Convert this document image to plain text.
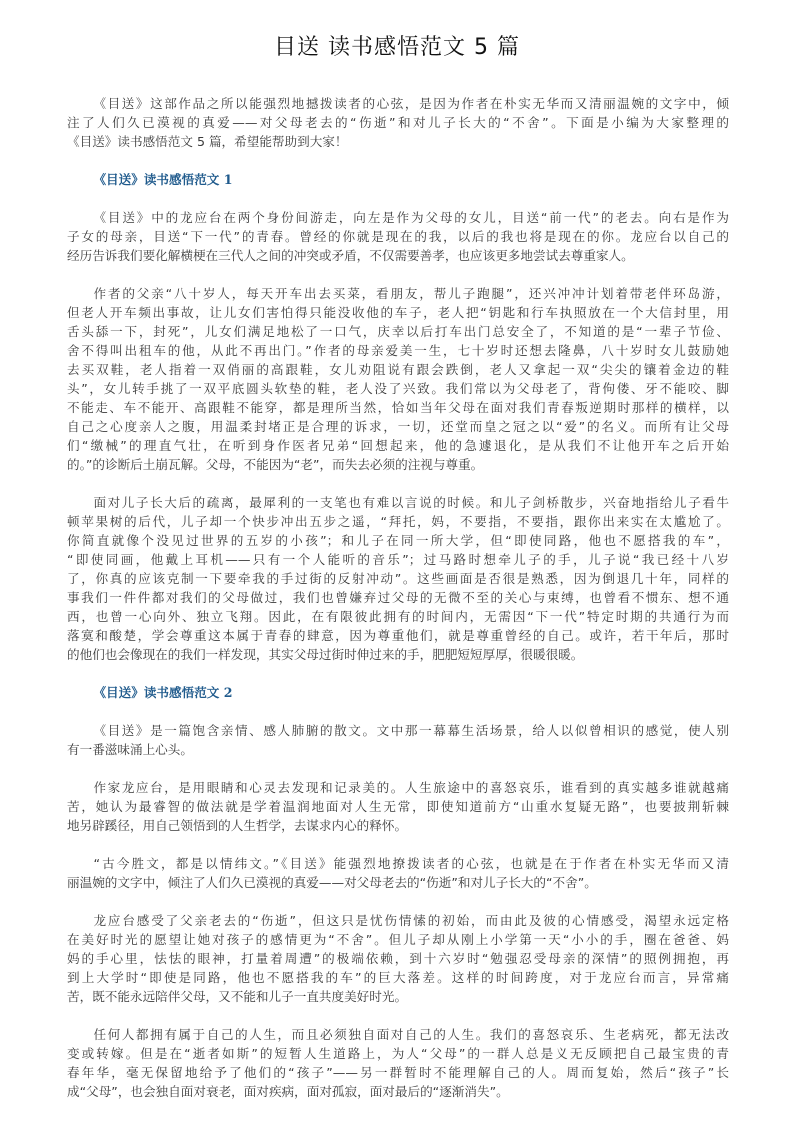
目送 读书感悟范文 5 篇
《目送》这部作品之所以能强烈地撼拨读者的心弦，是因为作者在朴实无华而又清丽温婉的文字中，倾
注了人们久已漠视的真爱——对父母老去的“伤逝”和对儿子长大的“不舍”。下面是小编为大家整理的
《目送》读书感悟范文 5 篇，希望能帮助到大家！
《目送》读书感悟范文 1
《目送》中的龙应台在两个身份间游走，向左是作为父母的女儿，目送“前一代”的老去。向右是作为
子女的母亲，目送“下一代”的青春。曾经的你就是现在的我，以后的我也将是现在的你。龙应台以自己的
经历告诉我们要化解横梗在三代人之间的冲突或矛盾，不仅需要善孝，也应该更多地尝试去尊重家人。
作者的父亲“八十岁人，每天开车出去买菜，看朋友，帮儿子跑腿”，还兴冲冲计划着带老伴环岛游，
但老人开车频出事故，让儿女们害怕得只能没收他的车子，老人把“钥匙和行车执照放在一个大信封里，用
舌头舔一下，封死”，儿女们满足地松了一口气，庆幸以后打车出门总安全了，不知道的是“一辈子节俭、
舍不得叫出租车的他，从此不再出门。”作者的母亲爱美一生，七十岁时还想去隆鼻，八十岁时女儿鼓励她
去买双鞋，老人指着一双俏丽的高跟鞋，女儿劝阻说有跟会跌倒，老人又拿起一双“尖尖的镶着金边的鞋
头”，女儿转手挑了一双平底圆头软垫的鞋，老人没了兴致。我们常以为父母老了，背佝偻、牙不能咬、脚
不能走、车不能开、高跟鞋不能穿，都是理所当然，恰如当年父母在面对我们青春叛逆期时那样的横样，以
自己之心度亲人之腹，用温柔封堵正是合理的诉求，一切，还堂而皇之冠之以“爱”的名义。而所有让父母
们“缴械”的理直气壮，在听到身作医者兄弟“回想起来，他的急遽退化，是从我们不让他开车之后开始
的。”的诊断后土崩瓦解。父母，不能因为“老”，而失去必须的注视与尊重。
面对儿子长大后的疏离，最犀利的一支笔也有难以言说的时候。和儿子剑桥散步，兴奋地指给儿子看牛
顿苹果树的后代，儿子却一个快步冲出五步之遥，“拜托，妈，不要指，不要指，跟你出来实在太尴尬了。
你简直就像个没见过世界的五岁的小孩”；和儿子在同一所大学，但“即使同路，他也不愿搭我的车”，
“即使同画，他戴上耳机——只有一个人能听的音乐”；过马路时想牵儿子的手，儿子说“我已经十八岁
了，你真的应该克制一下要牵我的手过街的反射冲动”。这些画面是否很是熟悉，因为倒退几十年，同样的
事我们一件件都对我们的父母做过，我们也曾嫌弃过父母的无微不至的关心与束缚，也曾看不惯东、想不通
西，也曾一心向外、独立飞翔。因此，在有限彼此拥有的时间内，无需因“下一代”特定时期的共通行为而
落寞和酸楚，学会尊重这本属于青春的肆意，因为尊重他们，就是尊重曾经的自己。或许，若干年后，那时
的他们也会像现在的我们一样发现，其实父母过街时伸过来的手，肥肥短短厚厚，很暖很暖。
《目送》读书感悟范文 2
《目送》是一篇饱含亲情、感人肺腑的散文。文中那一幕幕生活场景，给人以似曾相识的感觉，使人别
有一番滋味涌上心头。
作家龙应台，是用眼睛和心灵去发现和记录美的。人生旅途中的喜怒哀乐，谁看到的真实越多谁就越痛
苦，她认为最睿智的做法就是学着温润地面对人生无常，即使知道前方“山重水复疑无路”，也要披荆斩棘
地另辟蹊径，用自己领悟到的人生哲学，去谋求内心的释怀。
“古今胜文，都是以情纬文。”《目送》能强烈地撩拨读者的心弦，也就是在于作者在朴实无华而又清
丽温婉的文字中，倾注了人们久已漠视的真爱——对父母老去的“伤逝”和对儿子长大的“不舍”。
龙应台感受了父亲老去的“伤逝”，但这只是忧伤情愫的初始，而由此及彼的心情感受，渴望永远定格
在美好时光的愿望让她对孩子的感情更为“不舍”。但儿子却从刚上小学第一天“小小的手，圈在爸爸、妈
妈的手心里，怯怯的眼神，打量着周遭”的极端依赖，到十六岁时“勉强忍受母亲的深情”的照例拥抱，再
到上大学时“即使是同路，他也不愿搭我的车”的巨大落差。这样的时间跨度，对于龙应台而言，异常痛
苦，既不能永远陪伴父母，又不能和儿子一直共度美好时光。
任何人都拥有属于自己的人生，而且必须独自面对自己的人生。我们的喜怒哀乐、生老病死，都无法改
变或转嫁。但是在“逝者如斯”的短暂人生道路上，为人“父母”的一群人总是义无反顾把自己最宝贵的青
春年华，毫无保留地给予了他们的“孩子”——另一群暂时不能理解自己的人。周而复始，然后“孩子”长
成“父母”，也会独自面对衰老，面对疾病，面对孤寂，面对最后的“逐渐消失”。
